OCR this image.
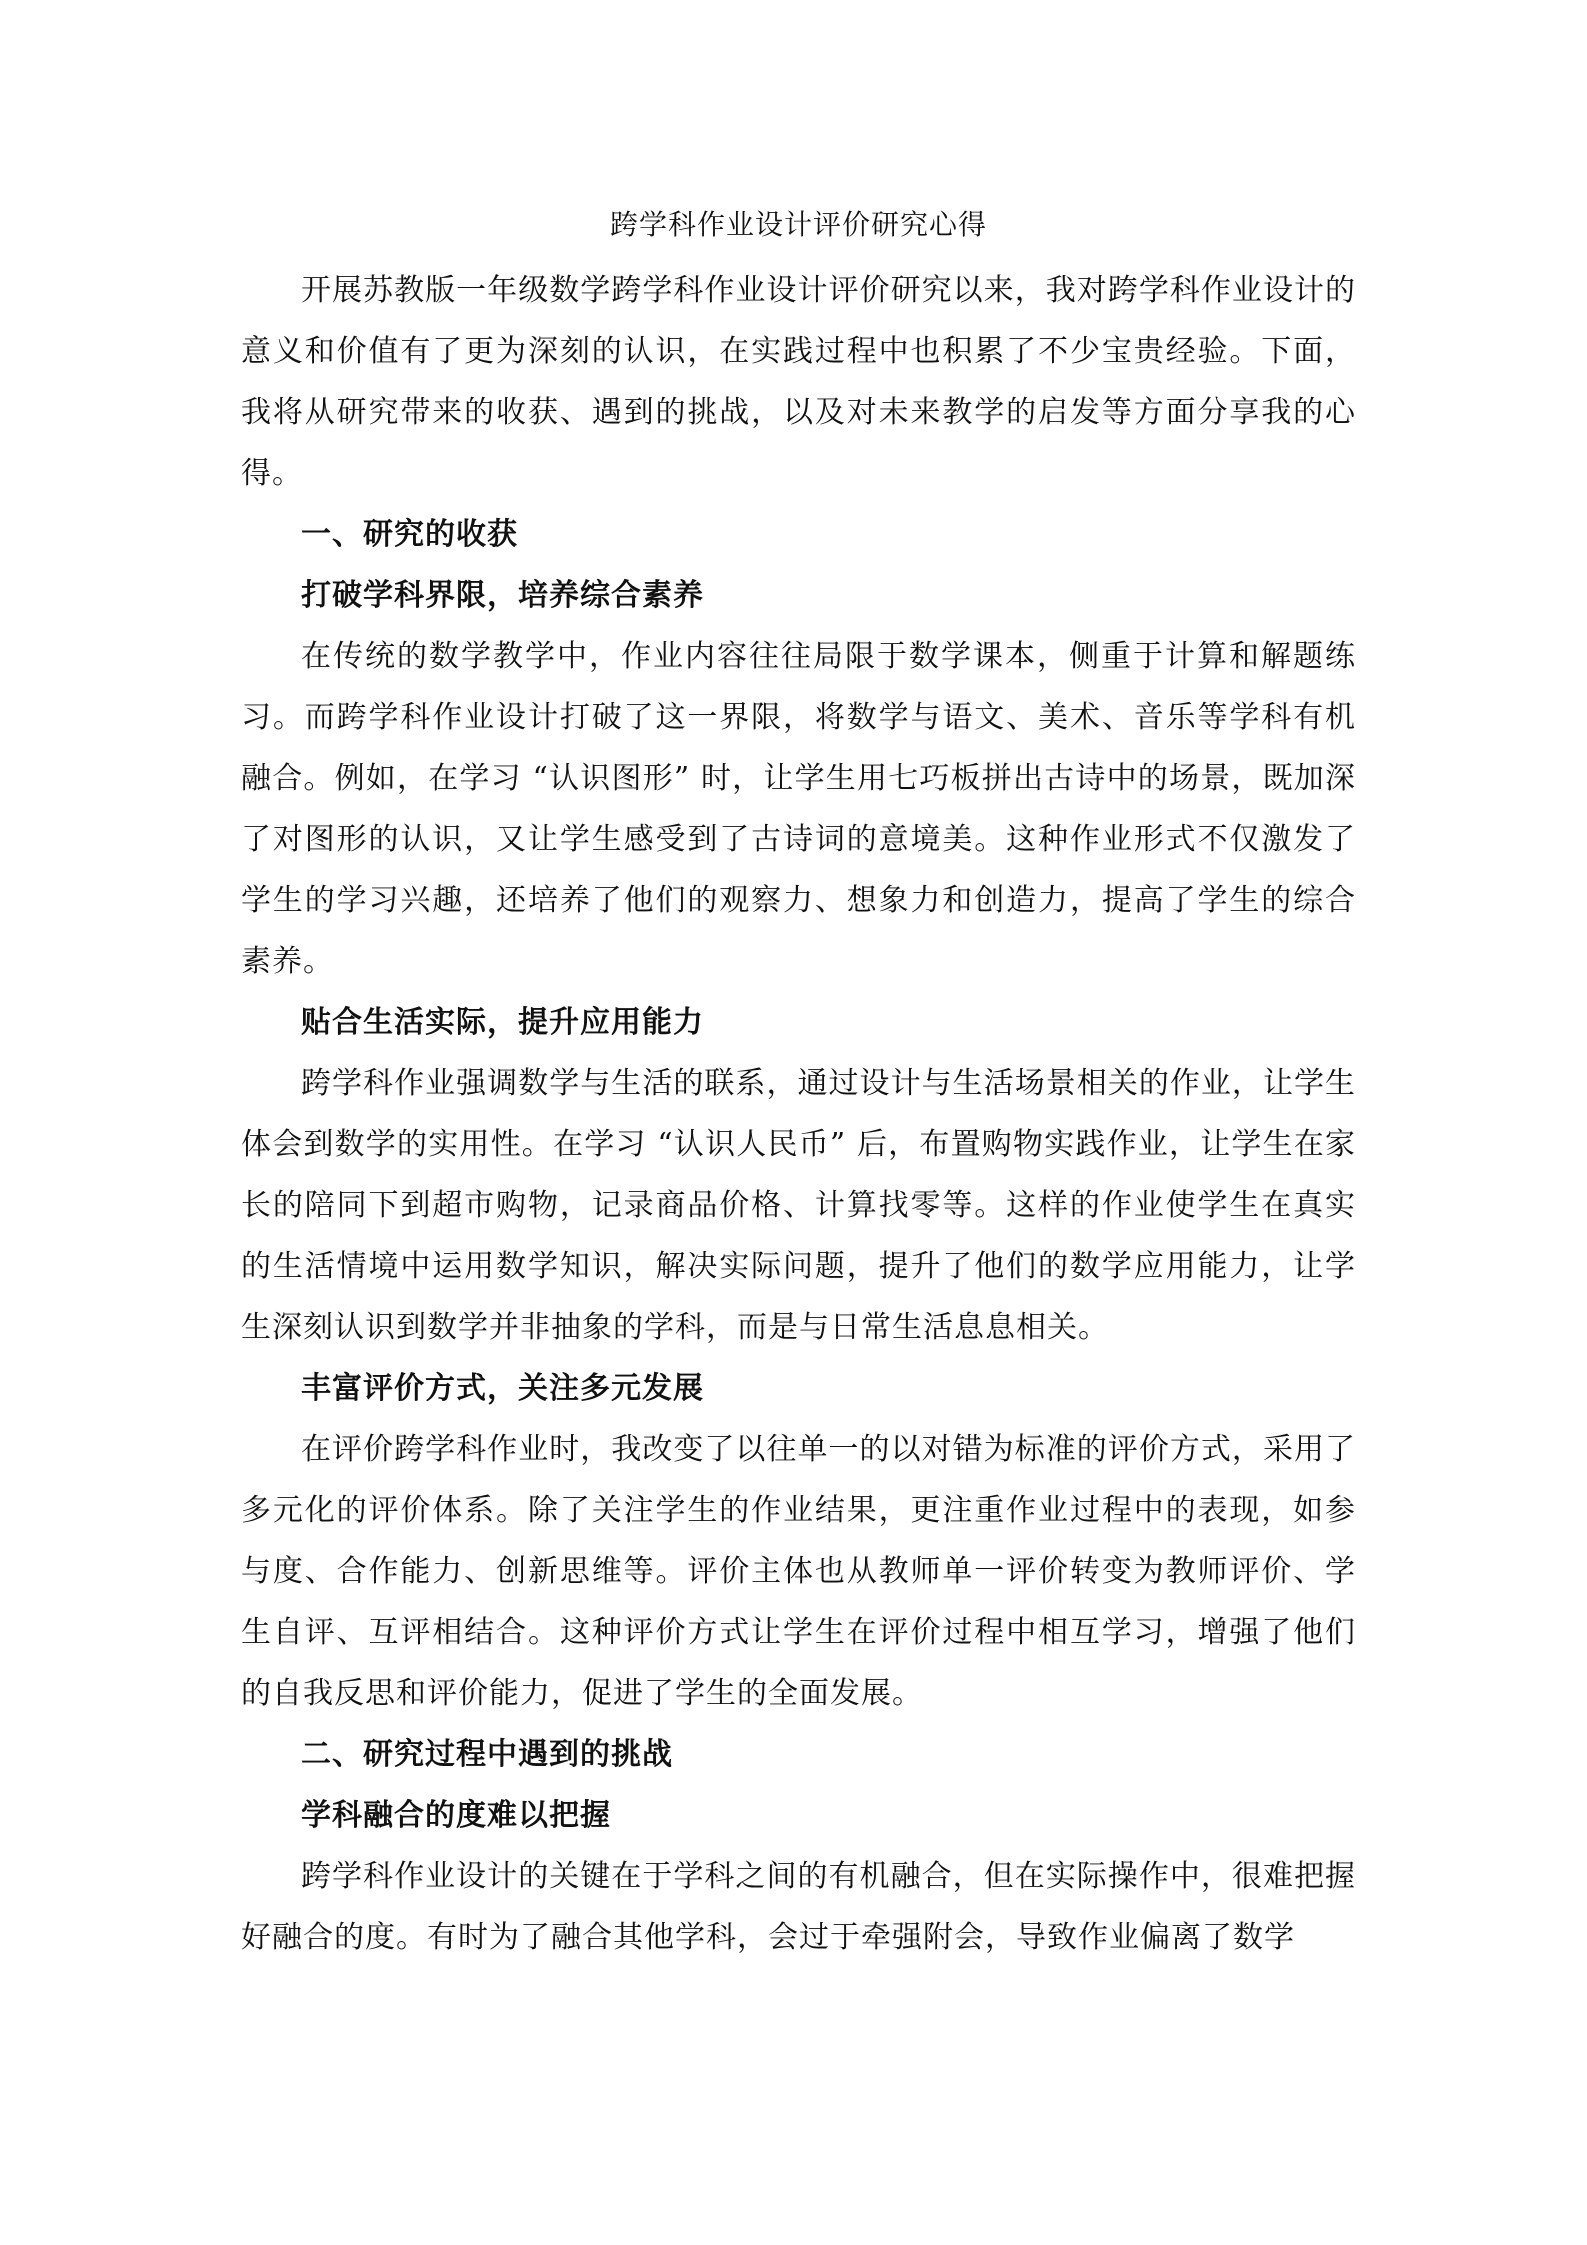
跨学科作业设计评价研究心得

开展苏教版一年级数学跨学科作业设计评价研究以来，我对跨学科作业设计的意义和价值有了更为深刻的认识，在实践过程中也积累了不少宝贵经验。下面，我将从研究带来的收获、遇到的挑战，以及对未来教学的启发等方面分享我的心得。

一、研究的收获

打破学科界限，培养综合素养

在传统的数学教学中，作业内容往往局限于数学课本，侧重于计算和解题练习。而跨学科作业设计打破了这一界限，将数学与语文、美术、音乐等学科有机融合。例如，在学习 “认识图形” 时，让学生用七巧板拼出古诗中的场景，既加深了对图形的认识，又让学生感受到了古诗词的意境美。这种作业形式不仅激发了学生的学习兴趣，还培养了他们的观察力、想象力和创造力，提高了学生的综合素养。

贴合生活实际，提升应用能力

跨学科作业强调数学与生活的联系，通过设计与生活场景相关的作业，让学生体会到数学的实用性。在学习 “认识人民币” 后，布置购物实践作业，让学生在家长的陪同下到超市购物，记录商品价格、计算找零等。这样的作业使学生在真实的生活情境中运用数学知识，解决实际问题，提升了他们的数学应用能力，让学生深刻认识到数学并非抽象的学科，而是与日常生活息息相关。

丰富评价方式，关注多元发展

在评价跨学科作业时，我改变了以往单一的以对错为标准的评价方式，采用了多元化的评价体系。除了关注学生的作业结果，更注重作业过程中的表现，如参与度、合作能力、创新思维等。评价主体也从教师单一评价转变为教师评价、学生自评、互评相结合。这种评价方式让学生在评价过程中相互学习，增强了他们的自我反思和评价能力，促进了学生的全面发展。

二、研究过程中遇到的挑战

学科融合的度难以把握

跨学科作业设计的关键在于学科之间的有机融合，但在实际操作中，很难把握好融合的度。有时为了融合其他学科，会过于牵强附会，导致作业偏离了数学
